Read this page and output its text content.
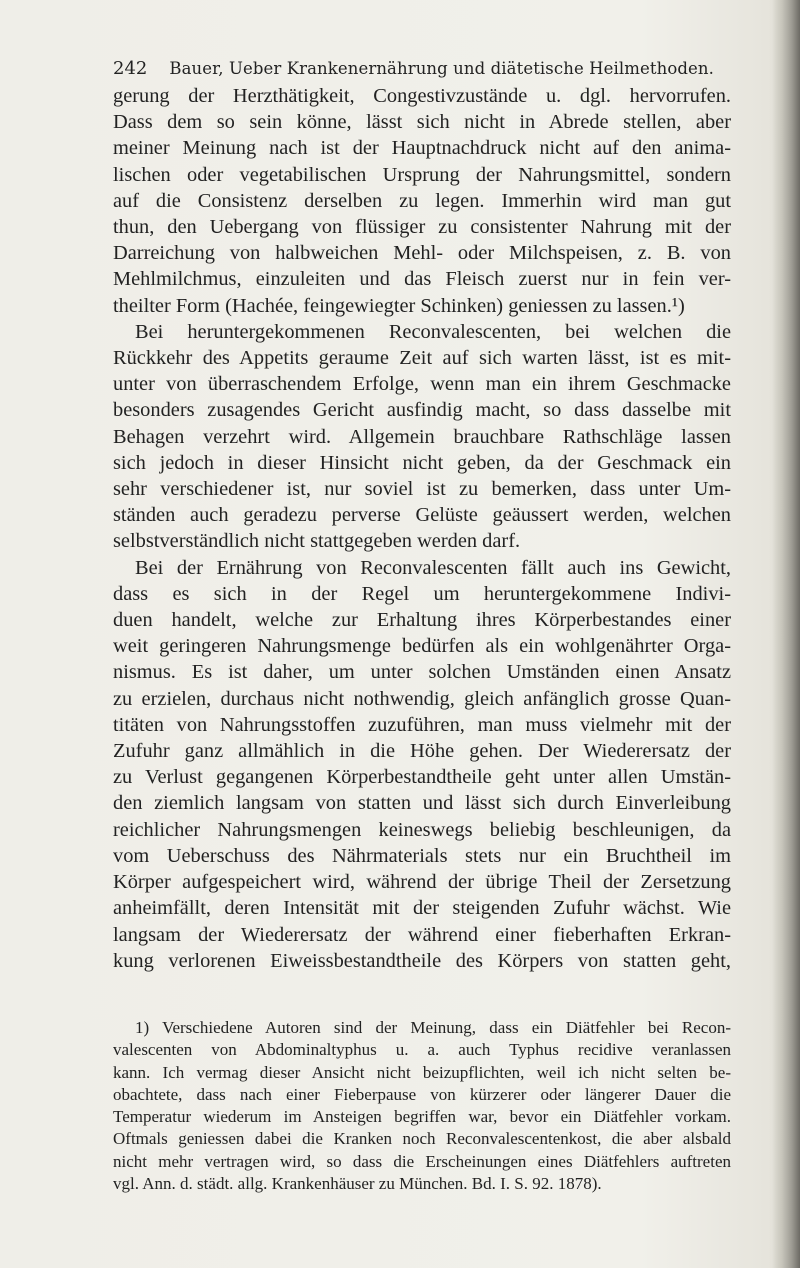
242 Bauer, Ueber Krankenernährung und diätetische Heilmethoden.
gerung der Herzthätigkeit, Congestivzustände u. dgl. hervorrufen.
Dass dem so sein könne, lässt sich nicht in Abrede stellen, aber
meiner Meinung nach ist der Hauptnachdruck nicht auf den anima-
lischen oder vegetabilischen Ursprung der Nahrungsmittel, sondern
auf die Consistenz derselben zu legen. Immerhin wird man gut
thun, den Uebergang von flüssiger zu consistenter Nahrung mit der
Darreichung von halbweichen Mehl- oder Milchspeisen, z. B. von
Mehlmilchmus, einzuleiten und das Fleisch zuerst nur in fein ver-
theilter Form (Hachée, feingewiegter Schinken) geniessen zu lassen.¹)
Bei heruntergekommenen Reconvalescenten, bei welchen die
Rückkehr des Appetits geraume Zeit auf sich warten lässt, ist es mit-
unter von überraschendem Erfolge, wenn man ein ihrem Geschmacke
besonders zusagendes Gericht ausfindig macht, so dass dasselbe mit
Behagen verzehrt wird. Allgemein brauchbare Rathschläge lassen
sich jedoch in dieser Hinsicht nicht geben, da der Geschmack ein
sehr verschiedener ist, nur soviel ist zu bemerken, dass unter Um-
ständen auch geradezu perverse Gelüste geäussert werden, welchen
selbstverständlich nicht stattgegeben werden darf.
Bei der Ernährung von Reconvalescenten fällt auch ins Gewicht,
dass es sich in der Regel um heruntergekommene Indivi-
duen handelt, welche zur Erhaltung ihres Körperbestandes einer
weit geringeren Nahrungsmenge bedürfen als ein wohlgenährter Orga-
nismus. Es ist daher, um unter solchen Umständen einen Ansatz
zu erzielen, durchaus nicht nothwendig, gleich anfänglich grosse Quan-
titäten von Nahrungsstoffen zuzuführen, man muss vielmehr mit der
Zufuhr ganz allmählich in die Höhe gehen. Der Wiederersatz der
zu Verlust gegangenen Körperbestandtheile geht unter allen Umstän-
den ziemlich langsam von statten und lässt sich durch Einverleibung
reichlicher Nahrungsmengen keineswegs beliebig beschleunigen, da
vom Ueberschuss des Nährmaterials stets nur ein Bruchtheil im
Körper aufgespeichert wird, während der übrige Theil der Zersetzung
anheimfällt, deren Intensität mit der steigenden Zufuhr wächst. Wie
langsam der Wiederersatz der während einer fieberhaften Erkran-
kung verlorenen Eiweissbestandtheile des Körpers von statten geht,
1) Verschiedene Autoren sind der Meinung, dass ein Diätfehler bei Recon-
valescenten von Abdominaltyphus u. a. auch Typhus recidive veranlassen
kann. Ich vermag dieser Ansicht nicht beizupflichten, weil ich nicht selten be-
obachtete, dass nach einer Fieberpause von kürzerer oder längerer Dauer die
Temperatur wiederum im Ansteigen begriffen war, bevor ein Diätfehler vorkam.
Oftmals geniessen dabei die Kranken noch Reconvalescentenkost, die aber alsbald
nicht mehr vertragen wird, so dass die Erscheinungen eines Diätfehlers auftreten
vgl. Ann. d. städt. allg. Krankenhäuser zu München. Bd. I. S. 92. 1878).
